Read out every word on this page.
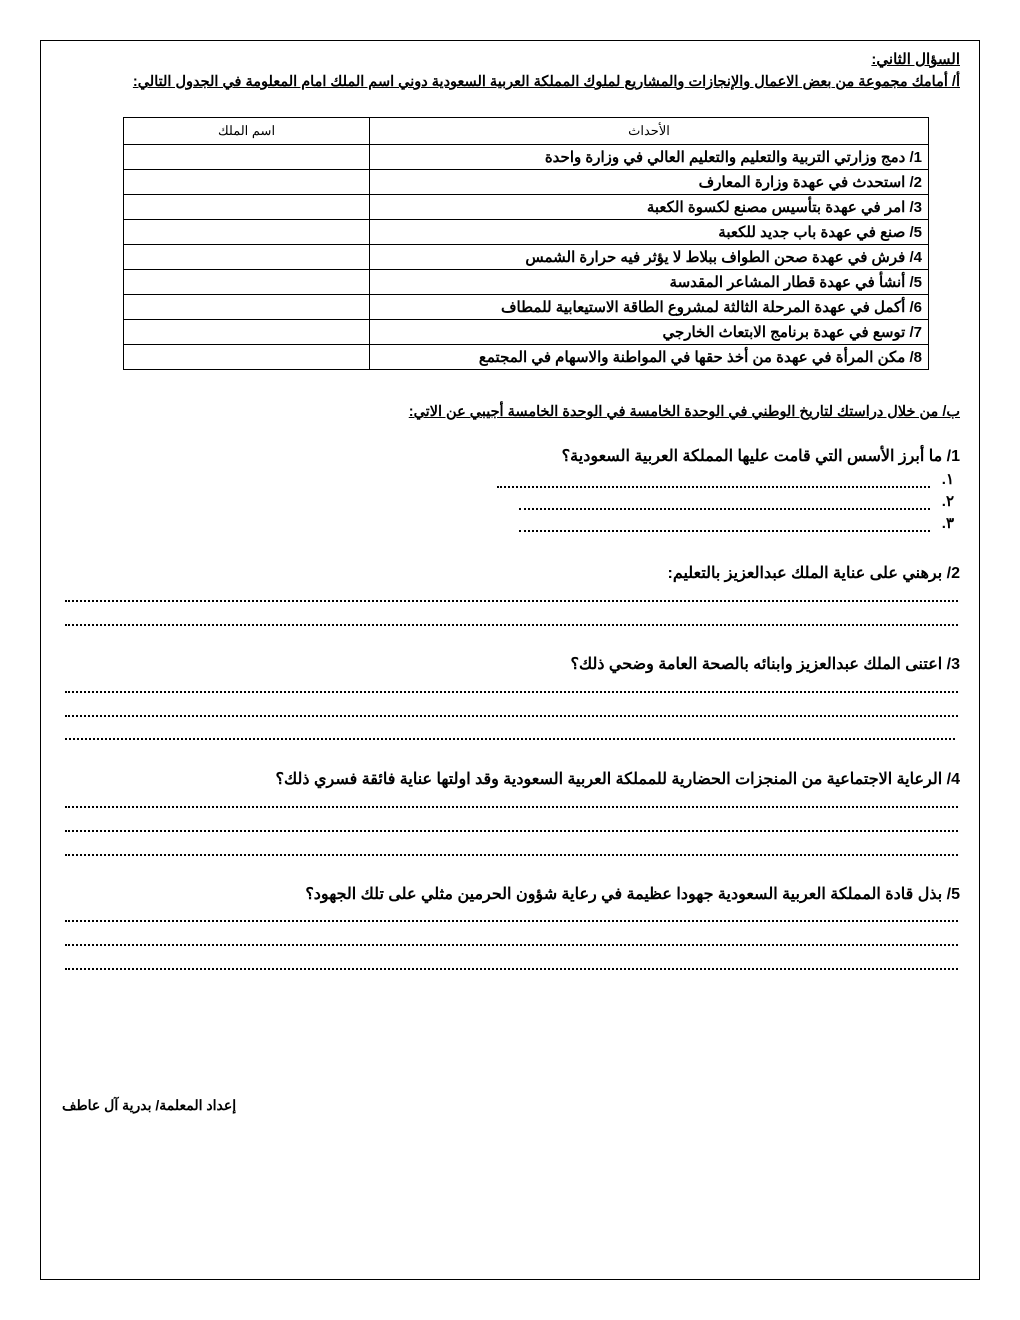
السؤال الثاني:
أ/ أمامك مجموعة من بعض الاعمال والإنجازات والمشاريع لملوك المملكة العربية السعودية دوني اسم الملك امام المعلومة في الجدول التالي:
الأحداث	اسم الملك
1/ دمج وزارتي التربية والتعليم والتعليم العالي في وزارة واحدة	
2/ استحدث في عهدة وزارة المعارف	
3/ امر في عهدة بتأسيس مصنع لكسوة الكعبة	
5/ صنع في عهدة باب جديد للكعبة	
4/ فرش في عهدة صحن الطواف ببلاط لا يؤثر فيه حرارة الشمس	
5/ أنشأ في عهدة قطار المشاعر المقدسة	
6/ أكمل في عهدة المرحلة الثالثة لمشروع الطاقة الاستيعابية للمطاف	
7/ توسع في عهدة برنامج الابتعاث الخارجي	
8/ مكن المرأة في عهدة من أخذ حقها في المواطنة والاسهام في المجتمع	
ب/ من خلال دراستك لتاريخ الوطني في الوحدة الخامسة في الوحدة الخامسة أجيبي عن الاتي:
1/ ما أبرز الأسس التي قامت عليها المملكة العربية السعودية؟
١.
٢.
٣.
2/ برهني على عناية الملك عبدالعزيز بالتعليم:
3/ اعتنى الملك عبدالعزيز وابنائه بالصحة العامة وضحي ذلك؟
4/ الرعاية الاجتماعية من المنجزات الحضارية للمملكة العربية السعودية وقد اولتها عناية فائقة فسري ذلك؟
5/ بذل قادة المملكة العربية السعودية جهودا عظيمة في رعاية شؤون الحرمين مثلي على تلك الجهود؟
إعداد المعلمة/ بدرية آل عاطف
